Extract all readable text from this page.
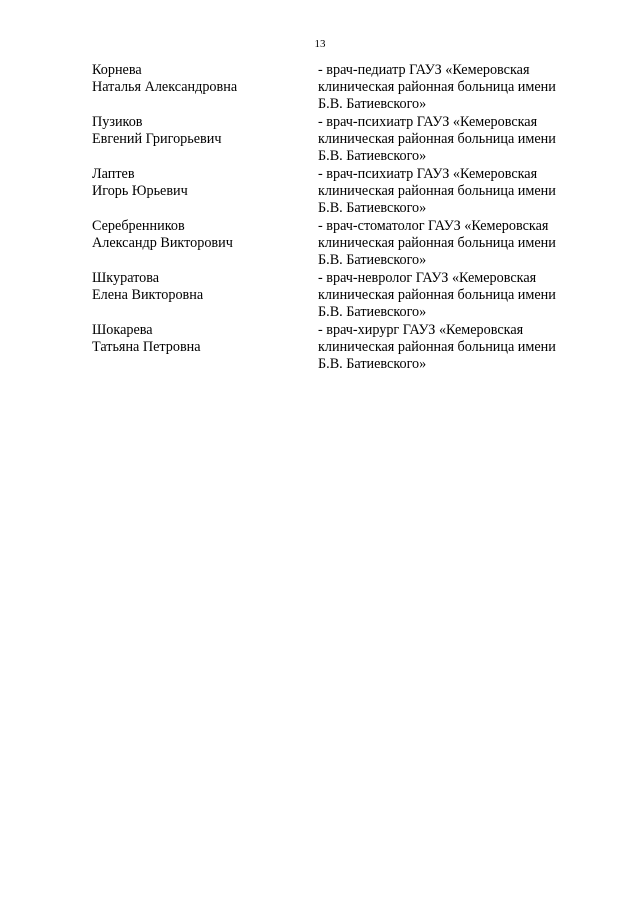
13
Корнева
Наталья Александровна
- врач-педиатр ГАУЗ «Кемеровская
клиническая районная больница имени
Б.В. Батиевского»
Пузиков
Евгений Григорьевич
- врач-психиатр ГАУЗ «Кемеровская
клиническая районная больница имени
Б.В. Батиевского»
Лаптев
Игорь Юрьевич
- врач-психиатр ГАУЗ «Кемеровская
клиническая районная больница имени
Б.В. Батиевского»
Серебренников
Александр Викторович
- врач-стоматолог ГАУЗ «Кемеровская
клиническая районная больница имени
Б.В. Батиевского»
Шкуратова
Елена Викторовна
- врач-невролог ГАУЗ «Кемеровская
клиническая районная больница имени
Б.В. Батиевского»
Шокарева
Татьяна Петровна
- врач-хирург ГАУЗ «Кемеровская
клиническая районная больница имени
Б.В. Батиевского»
